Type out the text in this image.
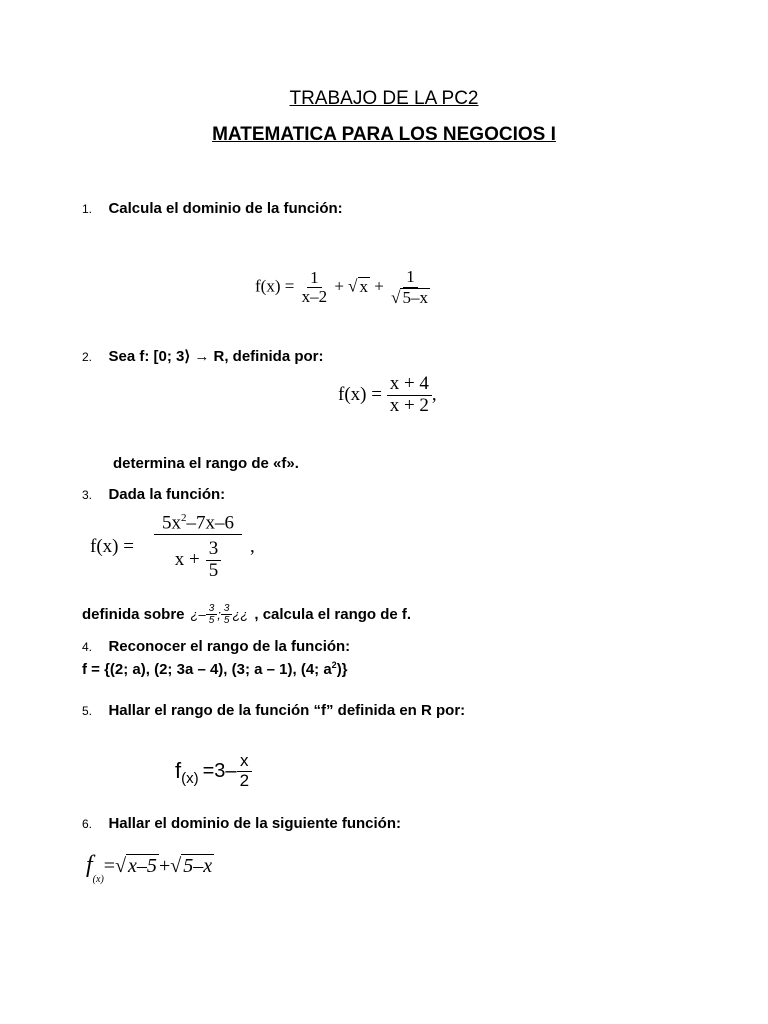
TRABAJO DE LA PC2
MATEMATICA PARA LOS NEGOCIOS I
1. Calcula el dominio de la función:
$f(x) = \frac{1}{x-2}$ + √ $x + \frac{1}{√ 5-x}$
2. Sea f: [0; 3⟩ → R, definida por:
$f(x) = \frac{x + 4}{x + 2}$ ,
determina el rango de «f».
3. Dada la función:
$f(x) = \frac{5x^2-7x-6}{x + \frac{3}{5}}$ ,
definida sobre ¿ – $\frac{3}{5}$ ; $\frac{3}{5}$ ¿¿ , calcula el rango de f.
4. Reconocer el rango de la función:
f = {(2; a), (2; 3a – 4), (3; a – 1), (4; $a^2$)}
5. Hallar el rango de la función “f” definida en R por:
f $(x) =3- \frac{x}{2}$
6. Hallar el dominio de la siguiente función:
$f_{(x)}=√$ x–5 +√ 5–x
